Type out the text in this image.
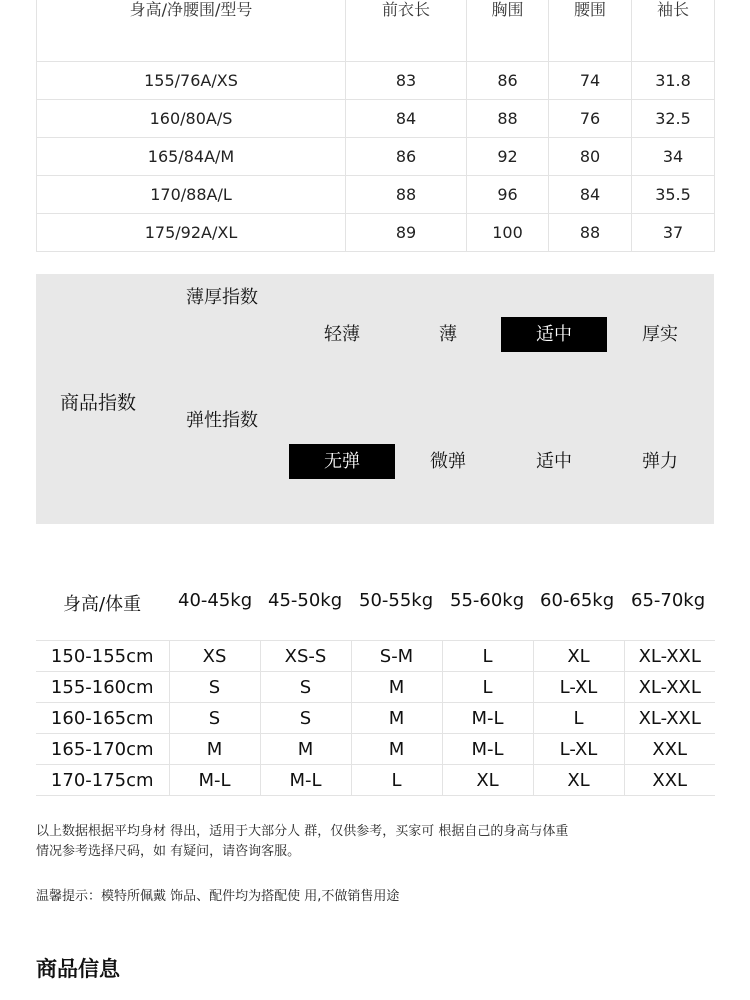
身高/净腰围/型号	前衣长	胸围	腰围	袖长
155/76A/XS	83	86	74	31.8
160/80A/S	84	88	76	32.5
165/84A/M	86	92	80	34
170/88A/L	88	96	84	35.5
175/92A/XL	89	100	88	37
商品指数
薄厚指数
轻薄	薄	适中	厚实
弹性指数
无弹	微弹	适中	弹力
身高/体重 40-45kg 45-50kg 50-55kg 55-60kg 60-65kg 65-70kg
150-155cm	XS	XS-S	S-M	L	XL	XL-XXL
155-160cm	S	S	M	L	L-XL	XL-XXL
160-165cm	S	S	M	M-L	L	XL-XXL
165-170cm	M	M	M	M-L	L-XL	XXL
170-175cm	M-L	M-L	L	XL	XL	XXL
以上数据根据平均身材 得出，适用于大部分人 群，仅供参考，买家可 根据自己的身高与体重
情况参考选择尺码，如 有疑问，请咨询客服。
温馨提示：模特所佩戴 饰品、配件均为搭配使 用,不做销售用途
商品信息
